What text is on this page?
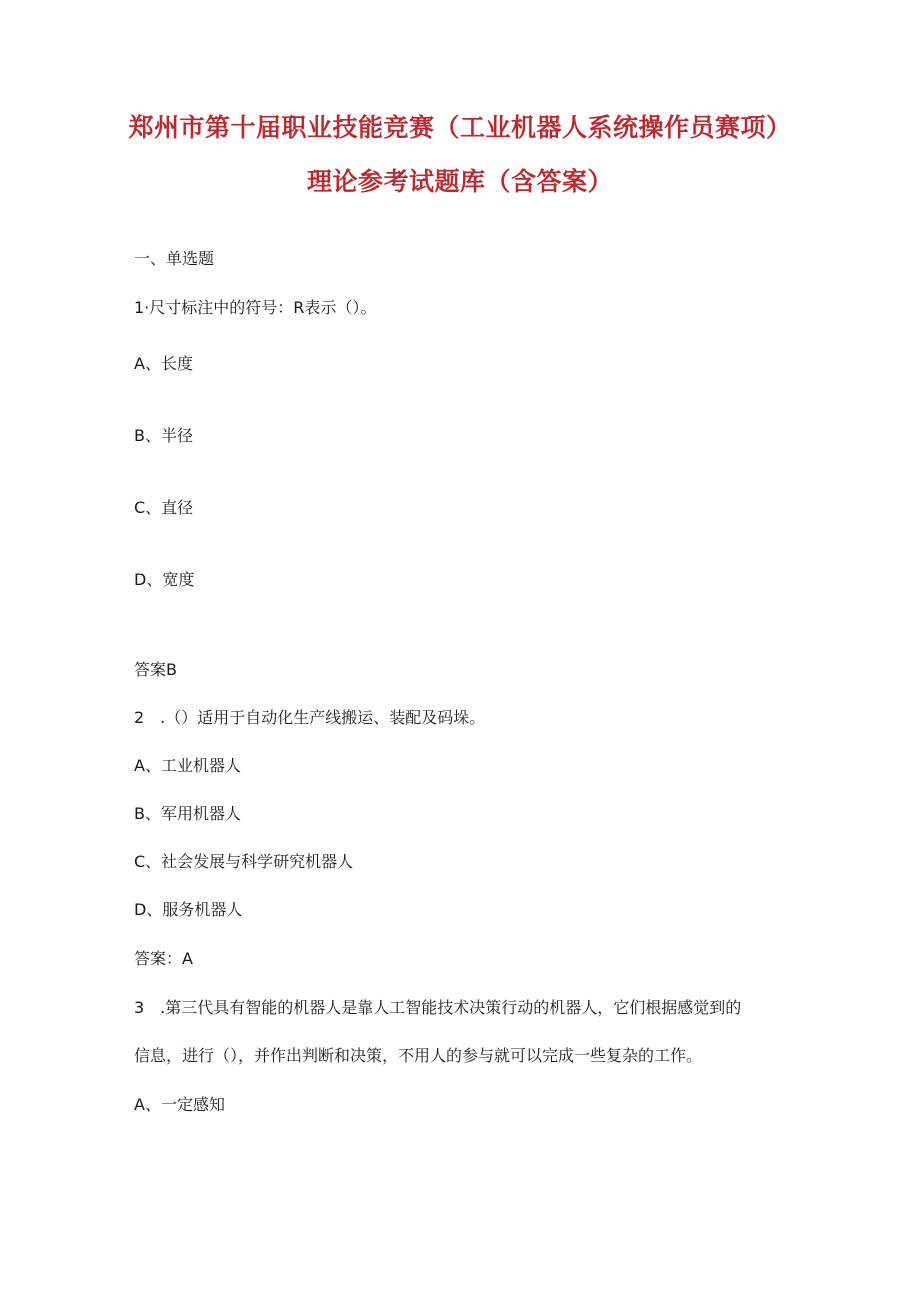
郑州市第十届职业技能竞赛（工业机器人系统操作员赛项）
理论参考试题库（含答案）
一、单选题
1·尺寸标注中的符号：R表示（）。
A、长度
B、半径
C、直径
D、宽度
答案B
2　.（）适用于自动化生产线搬运、装配及码垛。
A、工业机器人
B、军用机器人
C、社会发展与科学研究机器人
D、服务机器人
答案：A
3　.第三代具有智能的机器人是靠人工智能技术决策行动的机器人，它们根据感觉到的
信息，进行（），并作出判断和决策，不用人的参与就可以完成一些复杂的工作。
A、一定感知
